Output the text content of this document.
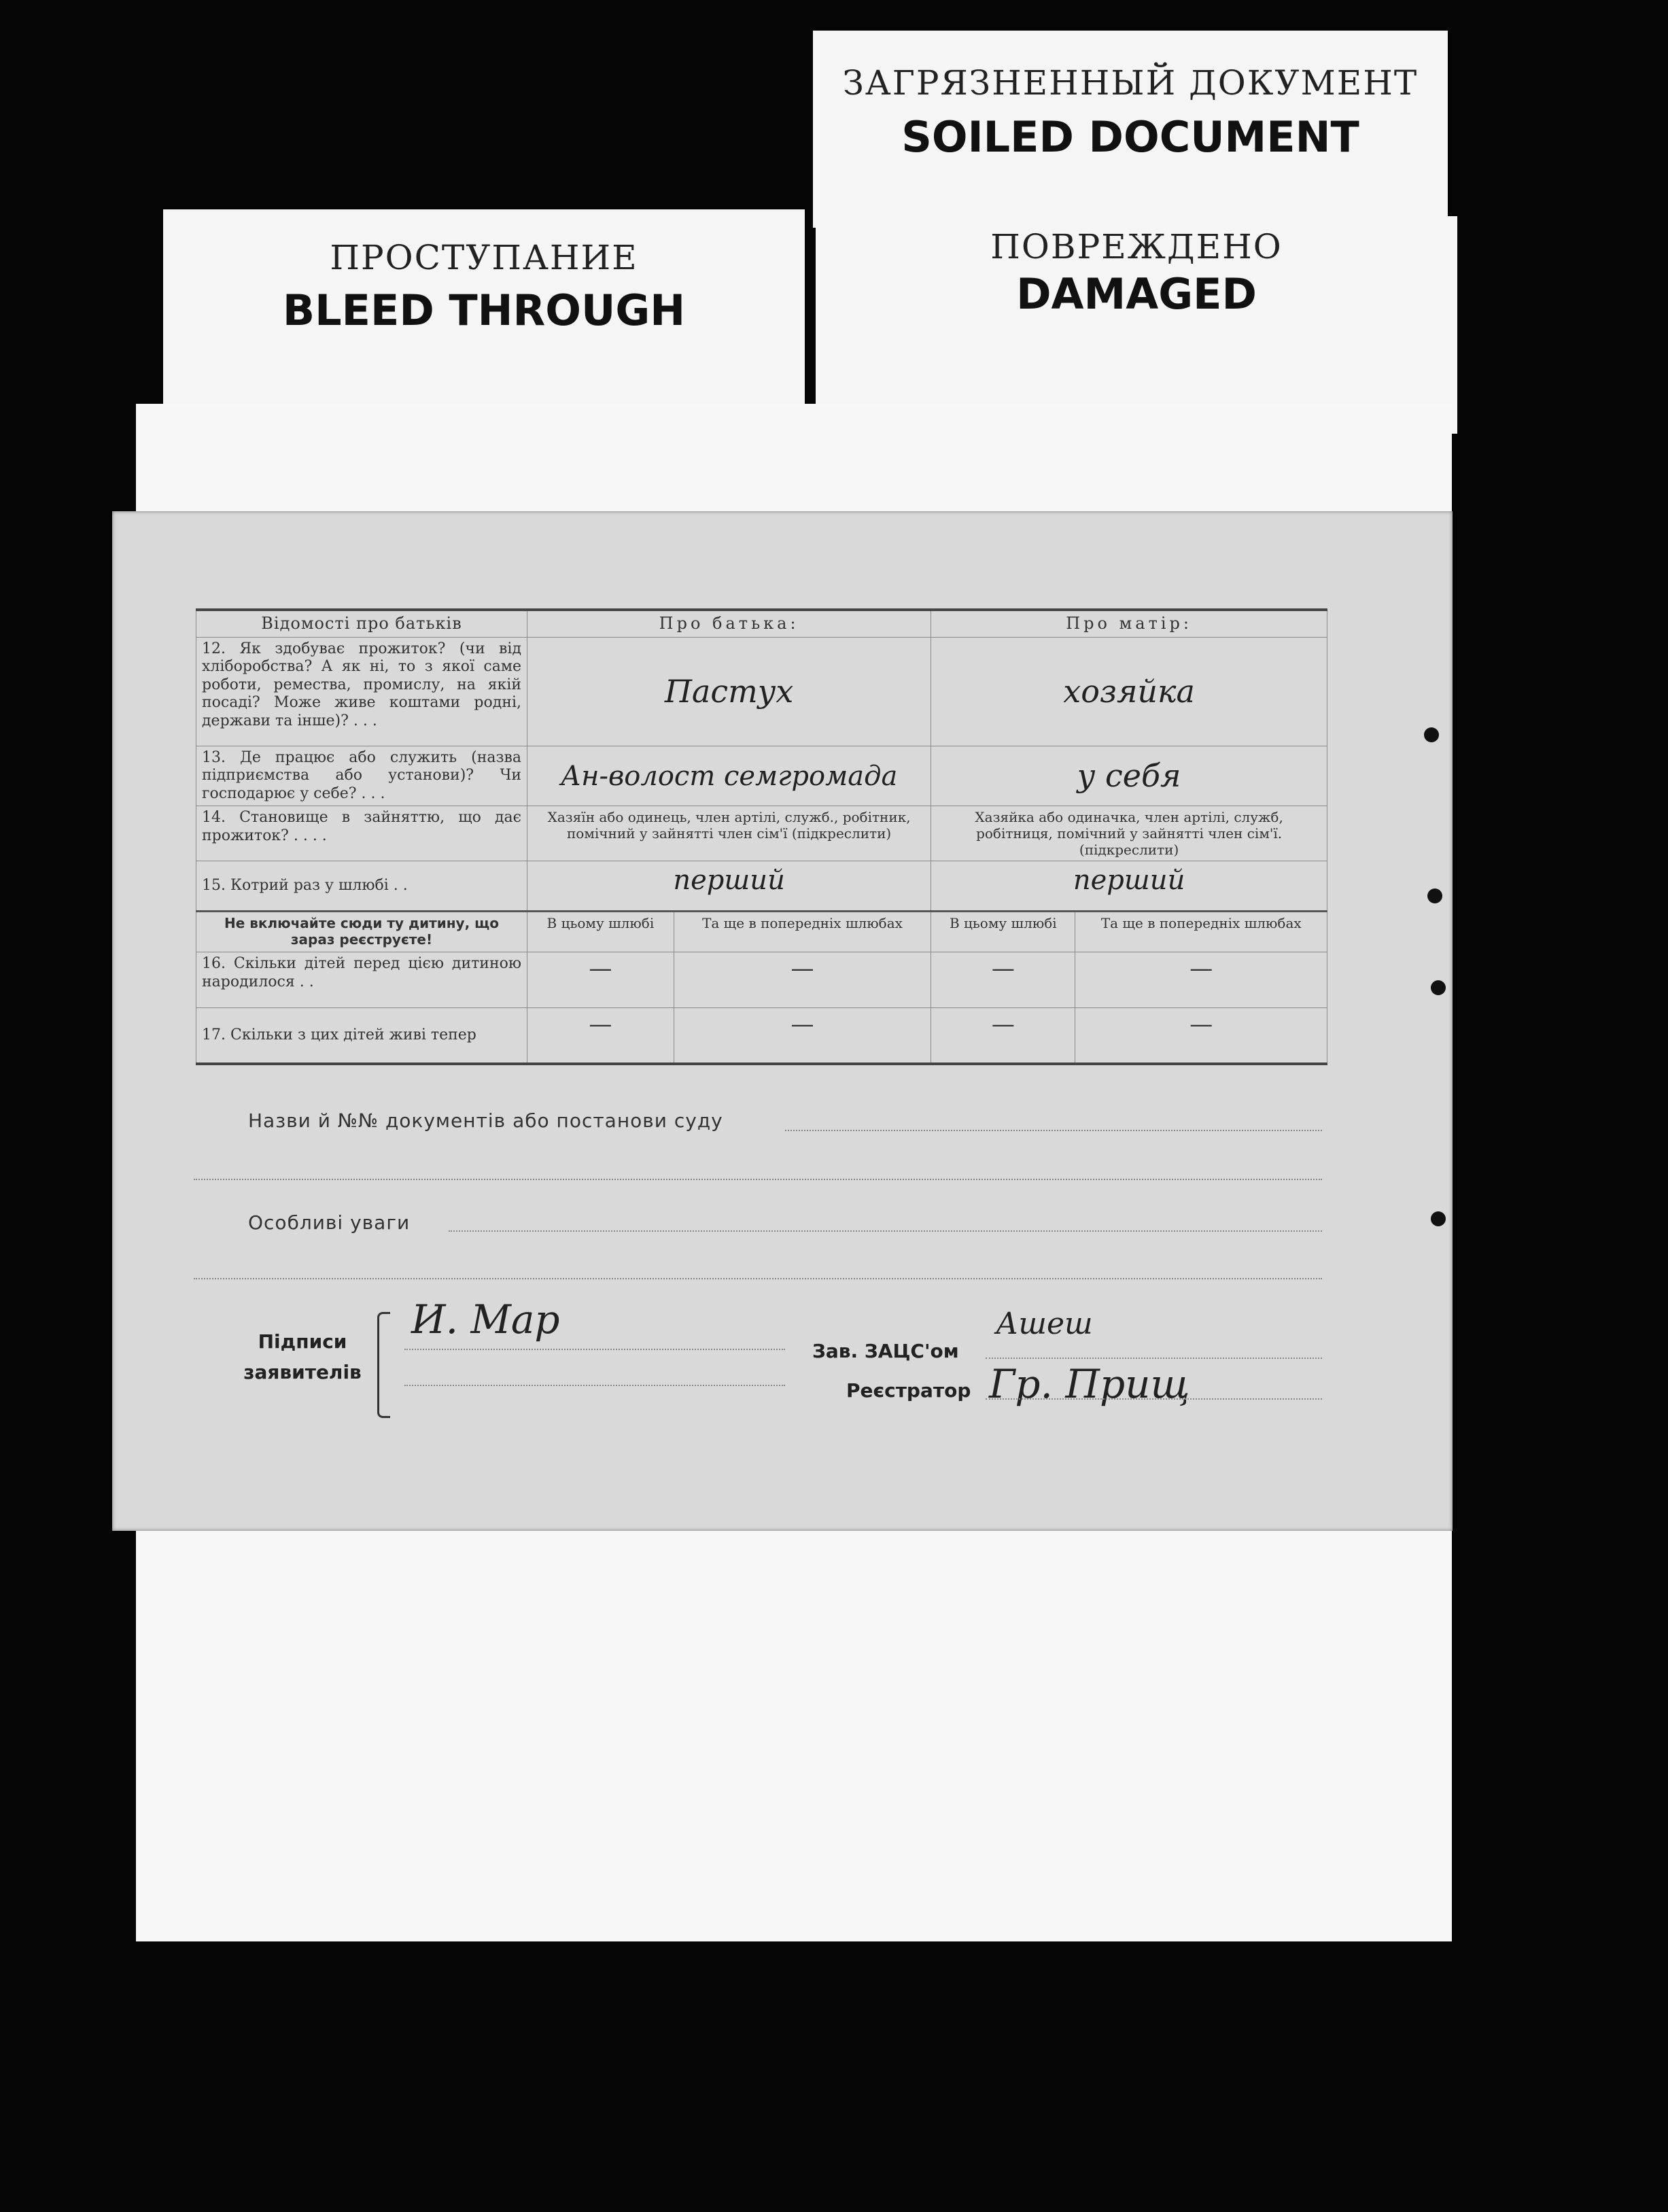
ЗАГРЯЗНЕННЫЙ ДОКУМЕНТ
SOILED DOCUMENT
ПРОСТУПАНИЕ
BLEED THROUGH
ПОВРЕЖДЕНО
DAMAGED
Відомості про батьків	Про батька:		Про матір:	
12. Як здобуває прожиток? (чи від хліборобства? А як ні, то з якої саме роботи, ремества, промислу, на якій посаді? Може живе коштами родні, держави та інше)? . . .	Пастух		хозяйка	
13. Де працює або служить (назва підприємства або установи)? Чи господарює у себе? . . .	Ан-волост семгромада		у себя	
14. Становище в зайняттю, що дає прожиток? . . . .	Хазяїн або одинець, член артілі, служб., робітник, помічний у зайнятті член сім'ї (підкреслити)		Хазяйка або одиначка, член артілі, служб, робітниця, помічний у зайнятті член сім'ї. (підкреслити)	
15. Котрий раз у шлюбі . .	перший		перший	
Не включайте сюди ту дитину, що зараз реєструєте!	В цьому шлюбі	Та ще в попередніх шлюбах	В цьому шлюбі	Та ще в попередніх шлюбах
16. Скільки дітей перед цією дитиною народилося . .	—	—	—	—
17. Скільки з цих дітей живі тепер	—	—	—	—
Назви й №№ документів або постанови суду
Особливі уваги
Підписи
заявителів
И. Мар
Зав. ЗАЦС'ом
Ашеш
Реєстратор Гр. Прищ
